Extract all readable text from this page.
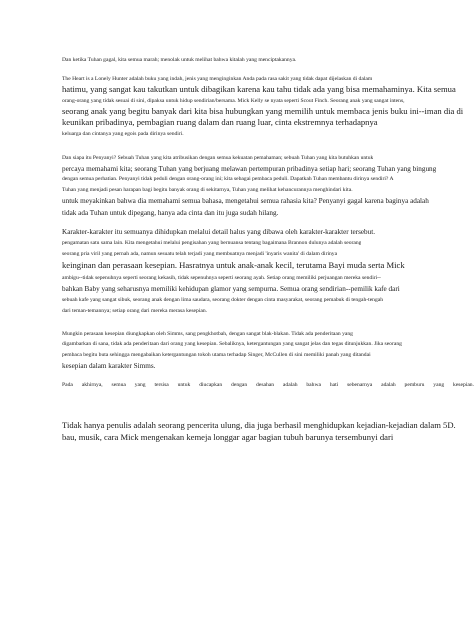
Dan ketika Tuhan gagal, kita semua marah; menolak untuk melihat bahwa kitalah yang menciptakannya.
The Heart is a Lonely Hunter adalah buku yang indah, jenis yang menginginkan Anda pada rasa sakit yang tidak dapat dijelaskan di dalam
hatimu, yang sangat kau takutkan untuk dibagikan karena kau tahu tidak ada yang bisa memahaminya. Kita semua
orang-orang yang tidak sesuai di sini, dipaksa untuk hidup sendirian/bersama. Mick Kelly se nyata seperti Scout Finch. Seorang anak yang sangat intens,
seorang anak yang begitu banyak dari kita bisa hubungkan yang memilih untuk membaca jenis buku ini--iman dia di
keunikan pribadinya, pembagian ruang dalam dan ruang luar, cinta ekstremnya terhadapnya
keluarga dan cintanya yang egois pada dirinya sendiri.
Dan siapa itu Penyanyi? Sebuah Tuhan yang kita atribusikan dengan semua kekuatan pemahaman; sebuah Tuhan yang kita butuhkan untuk
percaya memahami kita; seorang Tuhan yang berjuang melawan pertempuran pribadinya setiap hari; seorang Tuhan yang bingung
dengan semua perhatian. Penyanyi tidak peduli dengan orang-orang ini; kita sebagai pembaca peduli. Dapatkah Tuhan membantu dirinya sendiri? A
Tuhan yang menjadi pesan harapan bagi begitu banyak orang di sekitarnya, Tuhan yang melihat kehancurannya menghindari kita.
untuk meyakinkan bahwa dia memahami semua bahasa, mengetahui semua rahasia kita? Penyanyi gagal karena baginya adalah
tidak ada Tuhan untuk dipegang, hanya ada cinta dan itu juga sudah hilang.
Karakter-karakter itu semuanya dihidupkan melalui detail halus yang dibawa oleh karakter-karakter tersebut.
pengamatan satu sama lain. Kita mengetahui melalui pengisahan yang bernuansa tentang bagaimana Brannon dulunya adalah seorang
seorang pria viril yang pernah ada, namun sesuatu telah terjadi yang membuatnya menjadi 'inyaris wanita' di dalam dirinya
keinginan dan perasaan kesepian. Hasratnya untuk anak-anak kecil, terutama Bayi muda serta Mick
ambigu--tidak sepenuhnya seperti seorang kekasih, tidak sepenuhnya seperti seorang ayah. Setiap orang memiliki perjuangan mereka sendiri--
bahkan Baby yang seharusnya memiliki kehidupan glamor yang sempurna. Semua orang sendirian--pemilik kafe dari
sebuah kafe yang sangat sibuk, seorang anak dengan lima saudara, seorang dokter dengan cinta masyarakat, seorang pemabuk di tengah-tengah
dari teman-temannya; setiap orang dari mereka merasa kesepian.
Mungkin perasaan kesepian diungkapkan oleh Simms, sang pengkhotbah, dengan sangat blak-blakan. Tidak ada penderitaan yang
digambarkan di sana, tidak ada penderitaan dari orang yang kesepian. Sebaliknya, ketergantungan yang sangat jelas dan tegas ditunjukkan. Jika seorang
pembaca begitu buta sehingga mengabaikan ketergantungan tokoh utama terhadap Singer, McCullen di sini memiliki panah yang ditandai
kesepian dalam karakter Simms.
Pada akhirnya, semua yang tersisa untuk diucapkan dengan desahan adalah bahwa hati sebenarnya adalah pemburu yang kesepian.
Tidak hanya penulis adalah seorang pencerita ulung, dia juga berhasil menghidupkan kejadian-kejadian dalam 5D.
bau, musik, cara Mick mengenakan kemeja longgar agar bagian tubuh barunya tersembunyi dari
